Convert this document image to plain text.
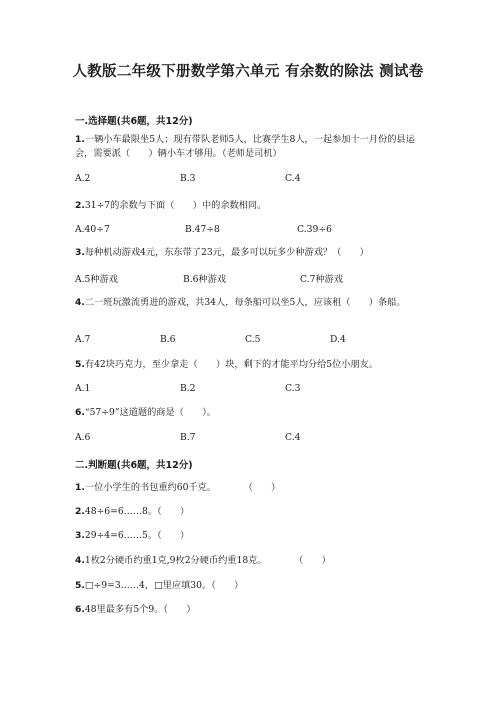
人教版二年级下册数学第六单元 有余数的除法 测试卷
一.选择题(共6题，共12分)
1.一辆小车最限坐5人；现有带队老师5人，比赛学生8人，一起参加十一月份的县运会，需要派（　　）辆小车才够用。（老师是司机）
A.2	B.3	C.4
2.31÷7的余数与下面（　　）中的余数相同。
A.40÷7	B.47÷8	C.39÷6
3.每种机动游戏4元，东东带了23元，最多可以玩多少种游戏？（　　）
A.5种游戏	B.6种游戏	C.7种游戏
4.二一班玩激流勇进的游戏，共34人，每条船可以坐5人，应该租（　　）条船。
A.7	B.6	C.5	D.4
5.有42块巧克力，至少拿走（　　）块，剩下的才能平均分给5位小朋友。
A.1	B.2	C.3
6.“57÷9”这道题的商是（　　）。
A.6	B.7	C.4
二.判断题(共6题，共12分)
1.一位小学生的书包重约60千克。　　　　（　　）
2.48÷6=6……8。（　　）
3.29÷4=6……5。（　　）
4.1枚2分硬币约重1克,9枚2分硬币约重18克。　　　　（　　）
5.□÷9=3……4，□里应填30。（　　）
6.48里最多有5个9。（　　）
